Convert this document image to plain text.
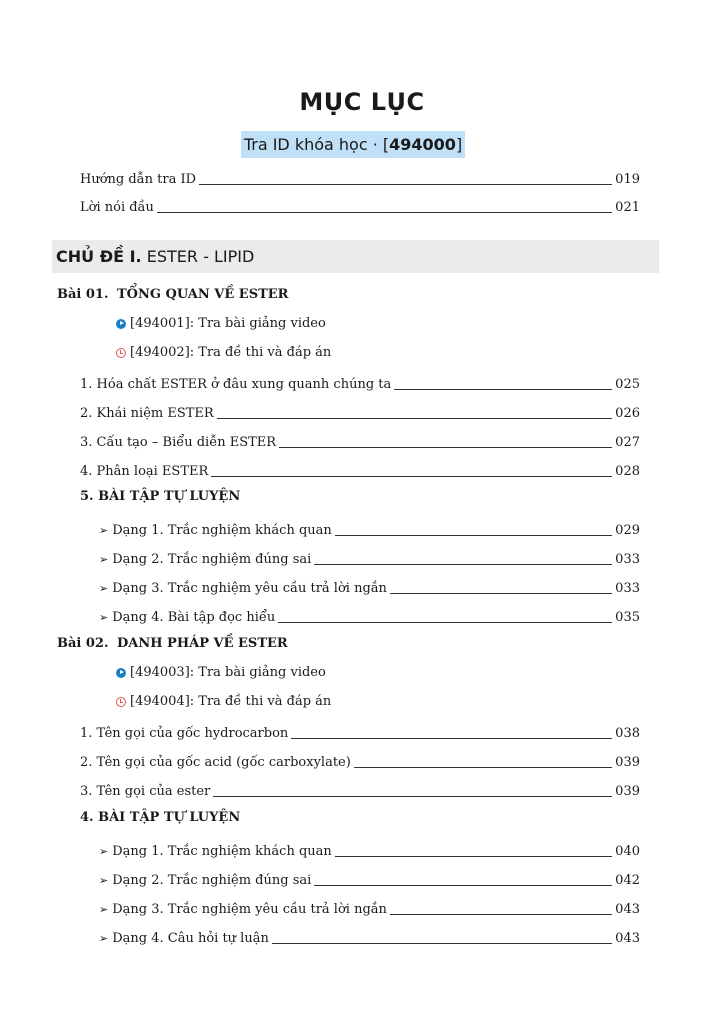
MỤC LỤC
Tra ID khóa học · [494000]
Hướng dẫn tra ID	019
Lời nói đầu	021
CHỦ ĐỀ I. ESTER - LIPID
Bài 01. TỔNG QUAN VỀ ESTER
[494001]: Tra bài giảng video
[494002]: Tra đề thi và đáp án
1. Hóa chất ESTER ở đâu xung quanh chúng ta	025
2. Khái niệm ESTER	026
3. Cấu tạo – Biểu diễn ESTER	027
4. Phân loại ESTER	028
5. BÀI TẬP TỰ LUYỆN
➢ Dạng 1. Trắc nghiệm khách quan	029
➢ Dạng 2. Trắc nghiệm đúng sai	033
➢ Dạng 3. Trắc nghiệm yêu cầu trả lời ngắn	033
➢ Dạng 4. Bài tập đọc hiểu	035
Bài 02. DANH PHÁP VỀ ESTER
[494003]: Tra bài giảng video
[494004]: Tra đề thi và đáp án
1. Tên gọi của gốc hydrocarbon	038
2. Tên gọi của gốc acid (gốc carboxylate)	039
3. Tên gọi của ester	039
4. BÀI TẬP TỰ LUYỆN
➢ Dạng 1. Trắc nghiệm khách quan	040
➢ Dạng 2. Trắc nghiệm đúng sai	042
➢ Dạng 3. Trắc nghiệm yêu cầu trả lời ngắn	043
➢ Dạng 4. Câu hỏi tự luận	043
